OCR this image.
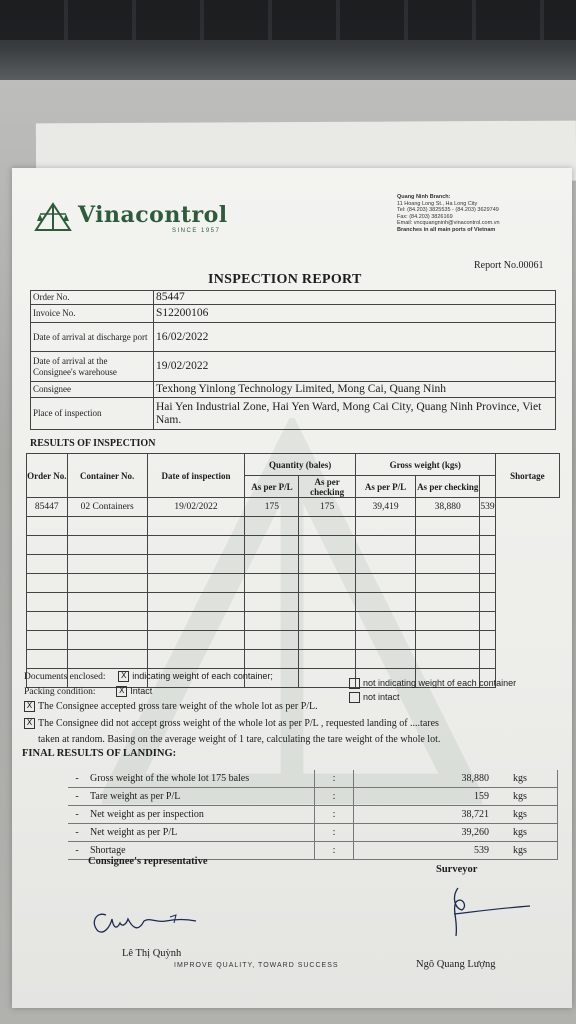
Vinacontrol
SINCE 1957
Quang Ninh Branch:
11 Hoang Long St., Ha Long City
Tel: (84.203) 3825535 - (84.203) 3629749
Fax: (84.203) 3826169
Email: vncquangninh@vinacontrol.com.vn
Branches in all main ports of Vietnam
Report No.00061
INSPECTION REPORT
Order No.	85447
Invoice No.	S12200106
Date of arrival at discharge port	16/02/2022
Date of arrival at the Consignee's warehouse	19/02/2022
Consignee	Texhong Yinlong Technology Limited, Mong Cai, Quang Ninh
Place of inspection	Hai Yen Industrial Zone, Hai Yen Ward, Mong Cai City, Quang Ninh Province, Viet Nam.
RESULTS OF INSPECTION
Order No.	Container No.	Date of inspection	Quantity (bales)		Gross weight (kgs)			Shortage
			As per P/L	As per checking	As per P/L	As per checking		
85447	02 Containers	19/02/2022	175	175	39,419	38,880	539	

Documents enclosed: X indicating weight of each container;
not indicating weight of each container
Packing condition:	X Intact
not intact
X The Consignee accepted gross tare weight of the whole lot as per P/L.
X The Consignee did not accept gross weight of the whole lot as per P/L , requested landing of ....tares
taken at random. Basing on the average weight of 1 tare, calculating the tare weight of the whole lot.
FINAL RESULTS OF LANDING:
-	Gross weight of the whole lot 175 bales	:	38,880	kgs
-	Tare weight as per P/L	:	159	kgs
-	Net weight as per inspection	:	38,721	kgs
-	Net weight as per P/L	:	39,260	kgs
-	Shortage	:	539	kgs
Consignee's representative
Surveyor
Lê Thị Quỳnh
Ngô Quang Lượng
IMPROVE QUALITY, TOWARD SUCCESS
